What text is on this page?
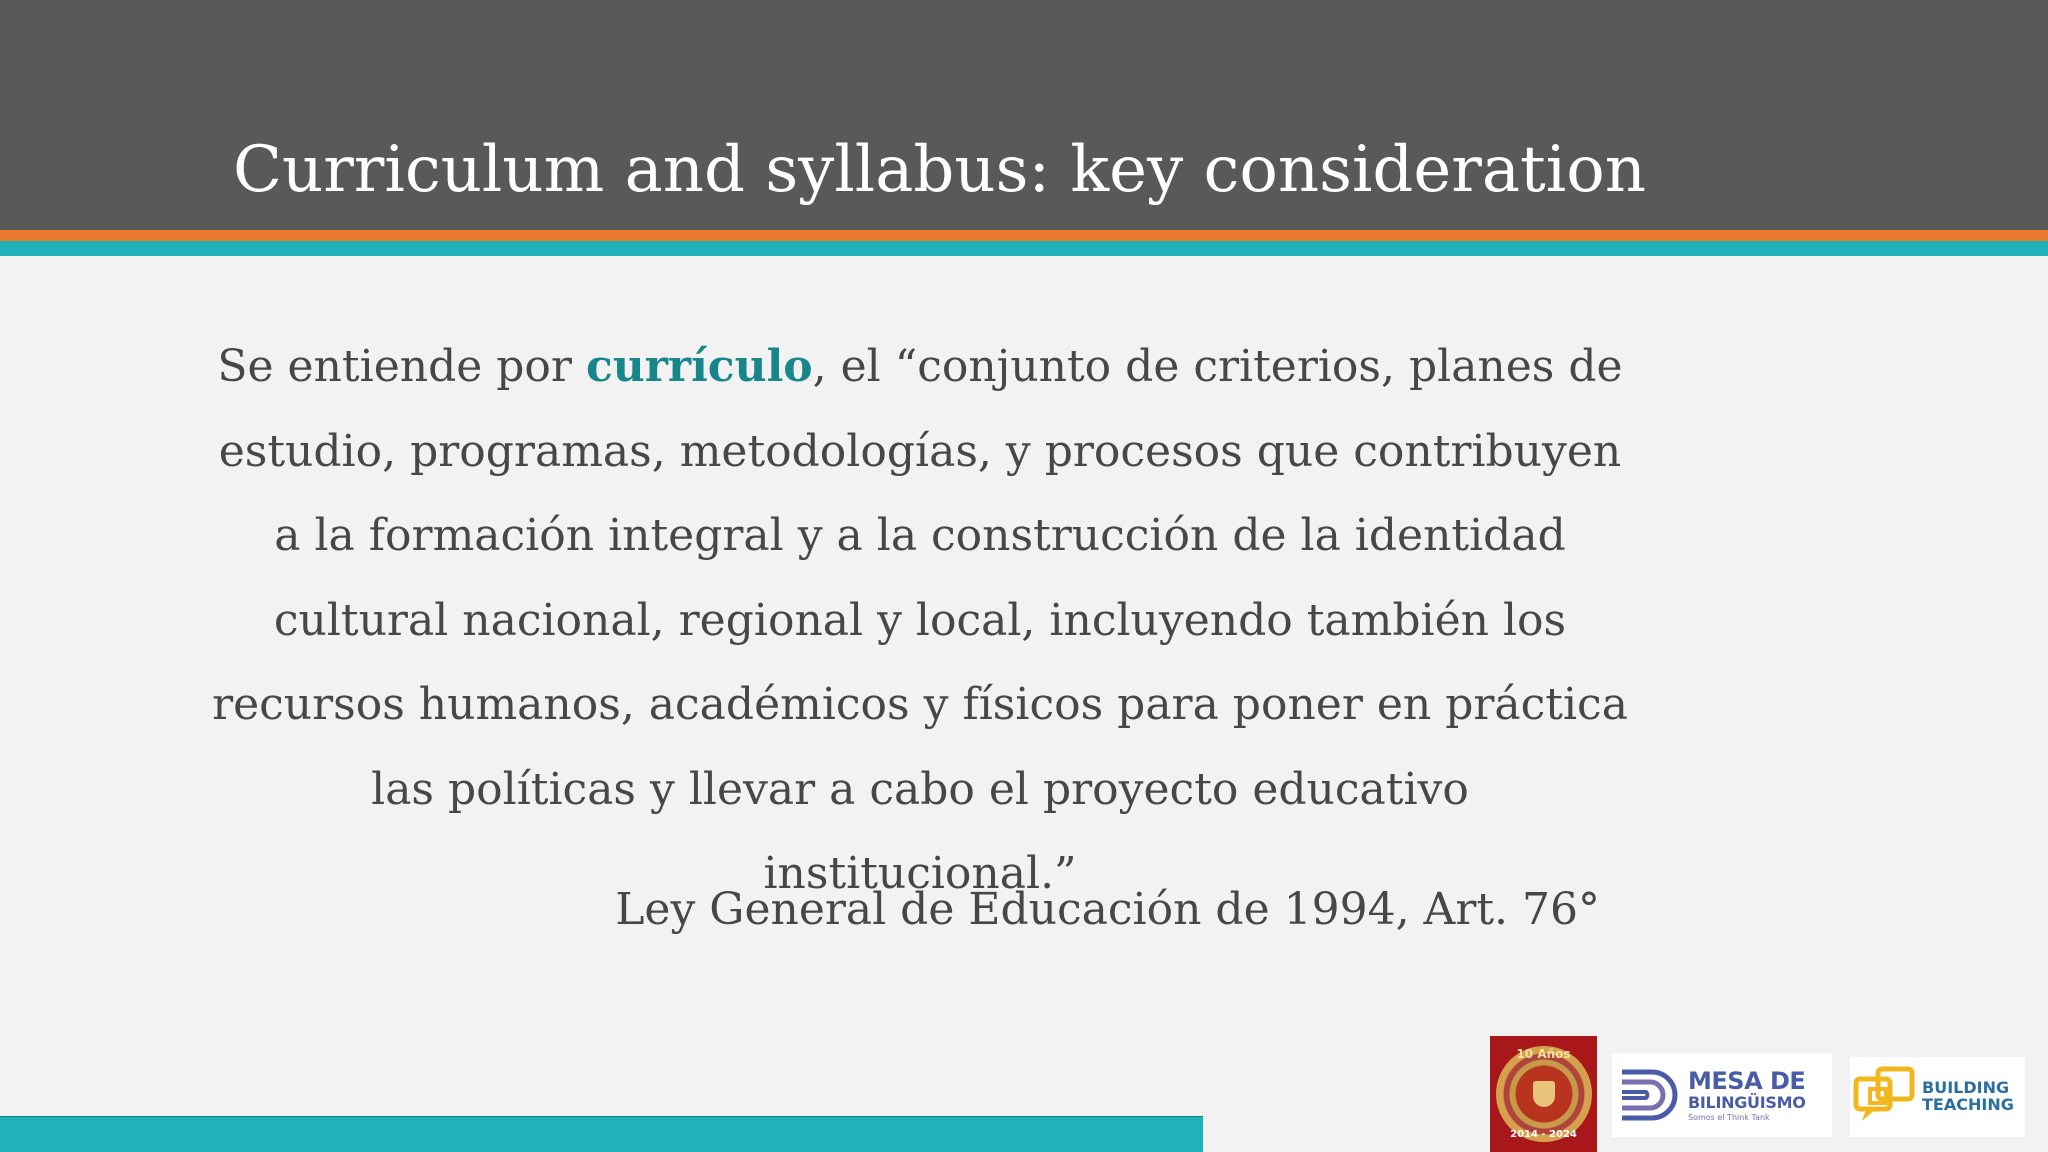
Curriculum and syllabus: key consideration

Se entiende por currículo, el “conjunto de criterios, planes de estudio, programas, metodologías, y procesos que contribuyen a la formación integral y a la construcción de la identidad cultural nacional, regional y local, incluyendo también los recursos humanos, académicos y físicos para poner en práctica las políticas y llevar a cabo el proyecto educativo institucional.”

Ley General de Educación de 1994, Art. 76°

10 Años
2014 - 2024
MESA DE
BILINGÜISMO
Somos el Think Tank
BUILDING
TEACHING
